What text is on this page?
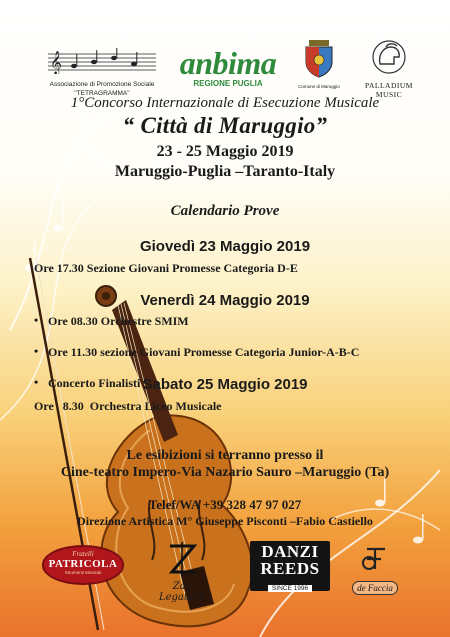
𝄞
Associazione di Promozione Sociale
"TETRAGRAMMA"
anbima
REGIONE PUGLIA	Comune di Maruggio	PALLADIUM MUSIC
1°Concorso Internazionale di Esecuzione Musicale
“ Città di Maruggio”
23 - 25 Maggio 2019
Maruggio-Puglia –Taranto-Italy
Calendario Prove
Giovedì 23 Maggio 2019
Ore 17.30 Sezione Giovani Promesse Categoria D-E
Venerdì 24 Maggio 2019
• Ore 08.30 Orchestre SMIM
• Ore 11.30 sezione Giovani Promesse Categoria Junior-A-B-C
• Concerto Finalisti Sabato 25 Maggio 2019
Ore   8.30  Orchestra Liceo Musicale
Le esibizioni si terranno presso il
Cine-teatro Impero-Via Nazario Sauro –Maruggio (Ta)
Telef/WA +39 328 47 97 027
Direzione Artistica M° Giuseppe Pisconti –Fabio Castiello
Fratelli
PATRICOLA
Strumenti Musicali
Zac Legature
DANZI
REEDS
SINCE 1996	de Faccia
